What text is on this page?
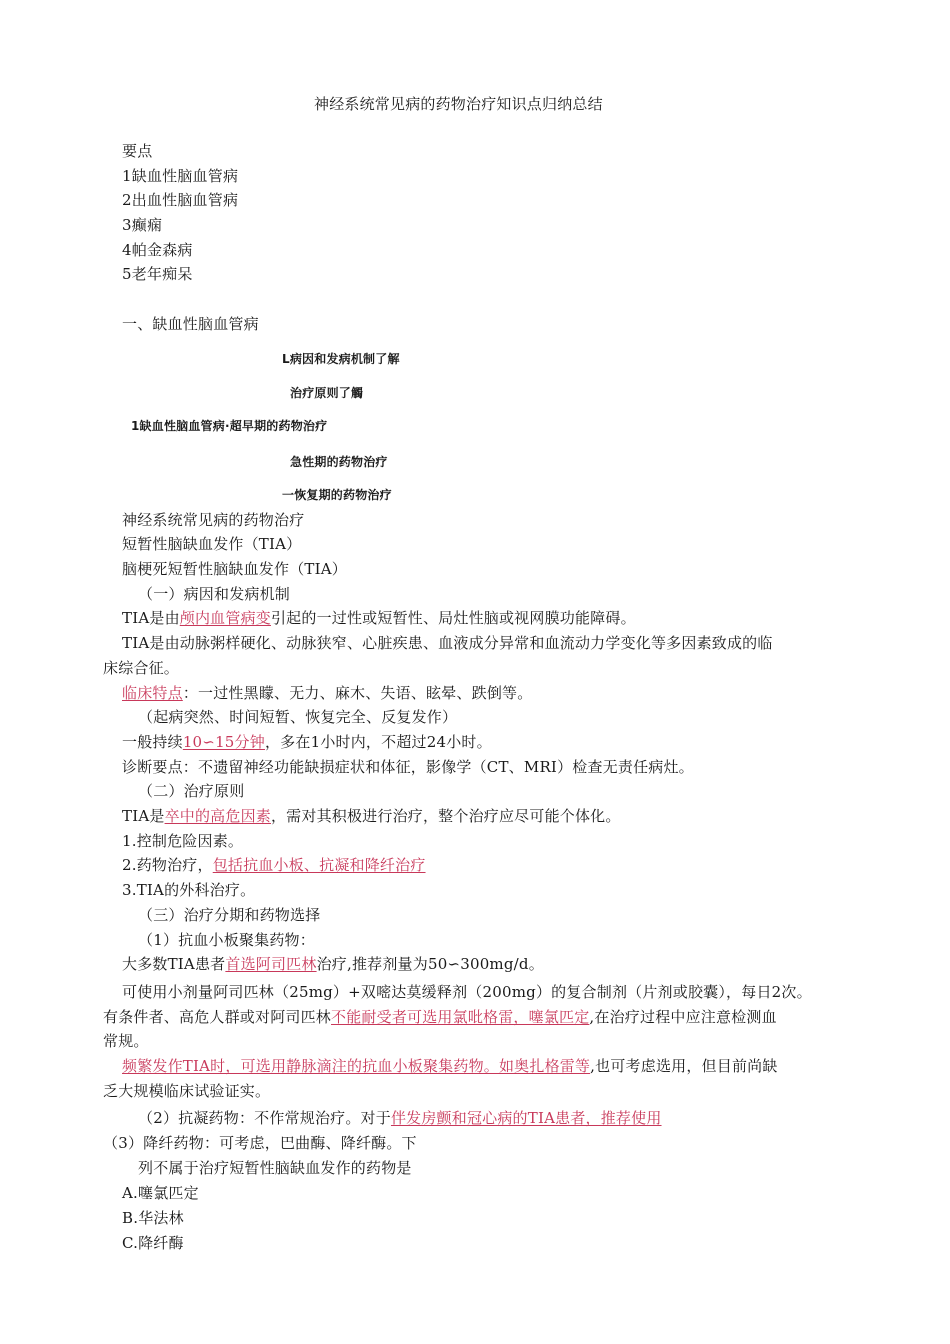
神经系统常见病的药物治疗知识点归纳总结
要点
1缺血性脑血管病
2出血性脑血管病
3癫痫
4帕金森病
5老年痴呆
一、缺血性脑血管病
L病因和发病机制了解
治疗原则了觸
1缺血性脑血管病·超早期的药物治疗
急性期的药物治疗
一恢复期的药物治疗
神经系统常见病的药物治疗
短暂性脑缺血发作（TIA）
脑梗死短暂性脑缺血发作（TIA）
（一）病因和发病机制
TIA是由颅内血管病变引起的一过性或短暂性、局灶性脑或视网膜功能障碍。
TIA是由动脉粥样硬化、动脉狭窄、心脏疾患、血液成分异常和血流动力学变化等多因素致成的临
床综合征。
临床特点：一过性黑矇、无力、麻木、失语、眩晕、跌倒等。
（起病突然、时间短暂、恢复完全、反复发作）
一般持续10∽15分钟，多在1小时内，不超过24小时。
诊断要点：不遗留神经功能缺损症状和体征，影像学（CT、MRI）检查无责任病灶。
（二）治疗原则
TIA是卒中的高危因素，需对其积极进行治疗，整个治疗应尽可能个体化。
1.控制危险因素。
2.药物治疗，包括抗血小板、抗凝和降纤治疗
3.TIA的外科治疗。
（三）治疗分期和药物选择
（1）抗血小板聚集药物：
大多数TIA患者首选阿司匹林治疗,推荐剂量为50∽300mg/d。
可使用小剂量阿司匹林（25mg）+双嘧达莫缓释剂（200mg）的复合制剂（片剂或胶囊），每日2次。
有条件者、高危人群或对阿司匹林不能耐受者可选用氯吡格雷，噻氯匹定,在治疗过程中应注意检测血
常规。
频繁发作TIA时，可选用静脉滴注的抗血小板聚集药物。如奥扎格雷等,也可考虑选用，但目前尚缺
乏大规模临床试验证实。
（2）抗凝药物：不作常规治疗。对于伴发房颤和冠心病的TIA患者，推荐使用
（3）降纤药物：可考虑，巴曲酶、降纤酶。下
列不属于治疗短暂性脑缺血发作的药物是
A.噻氯匹定
B.华法林
C.降纤酶
